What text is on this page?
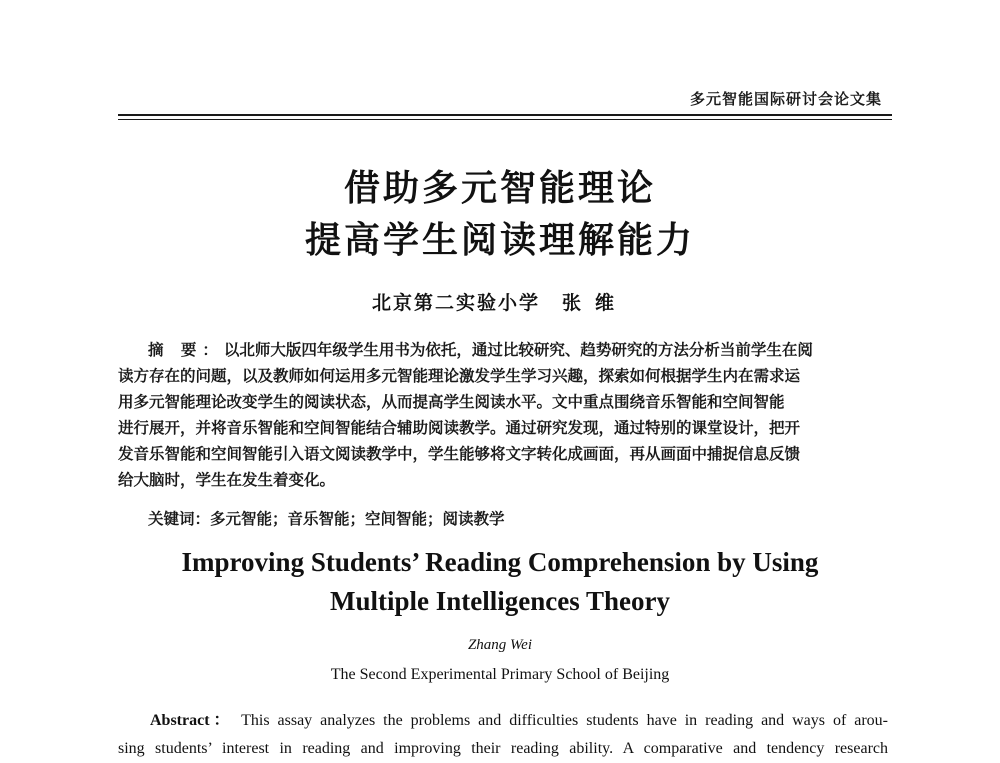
多元智能国际研讨会论文集
借助多元智能理论
提高学生阅读理解能力
北京第二实验小学 张维
摘 要：以北师大版四年级学生用书为依托，通过比较研究、趋势研究的方法分析当前学生在阅
读方存在的问题，以及教师如何运用多元智能理论激发学生学习兴趣，探索如何根据学生内在需求运
用多元智能理论改变学生的阅读状态，从而提高学生阅读水平。文中重点围绕音乐智能和空间智能
进行展开，并将音乐智能和空间智能结合辅助阅读教学。通过研究发现，通过特别的课堂设计，把开
发音乐智能和空间智能引入语文阅读教学中，学生能够将文字转化成画面，再从画面中捕捉信息反馈
给大脑时，学生在发生着变化。
关键词：多元智能；音乐智能；空间智能；阅读教学
Improving Students’ Reading Comprehension by Using
Multiple Intelligences Theory
Zhang Wei
The Second Experimental Primary School of Beijing
Abstract： This assay analyzes the problems and difficulties students have in reading and ways of arou-
sing students’ interest in reading and improving their reading ability. A comparative and tendency research
